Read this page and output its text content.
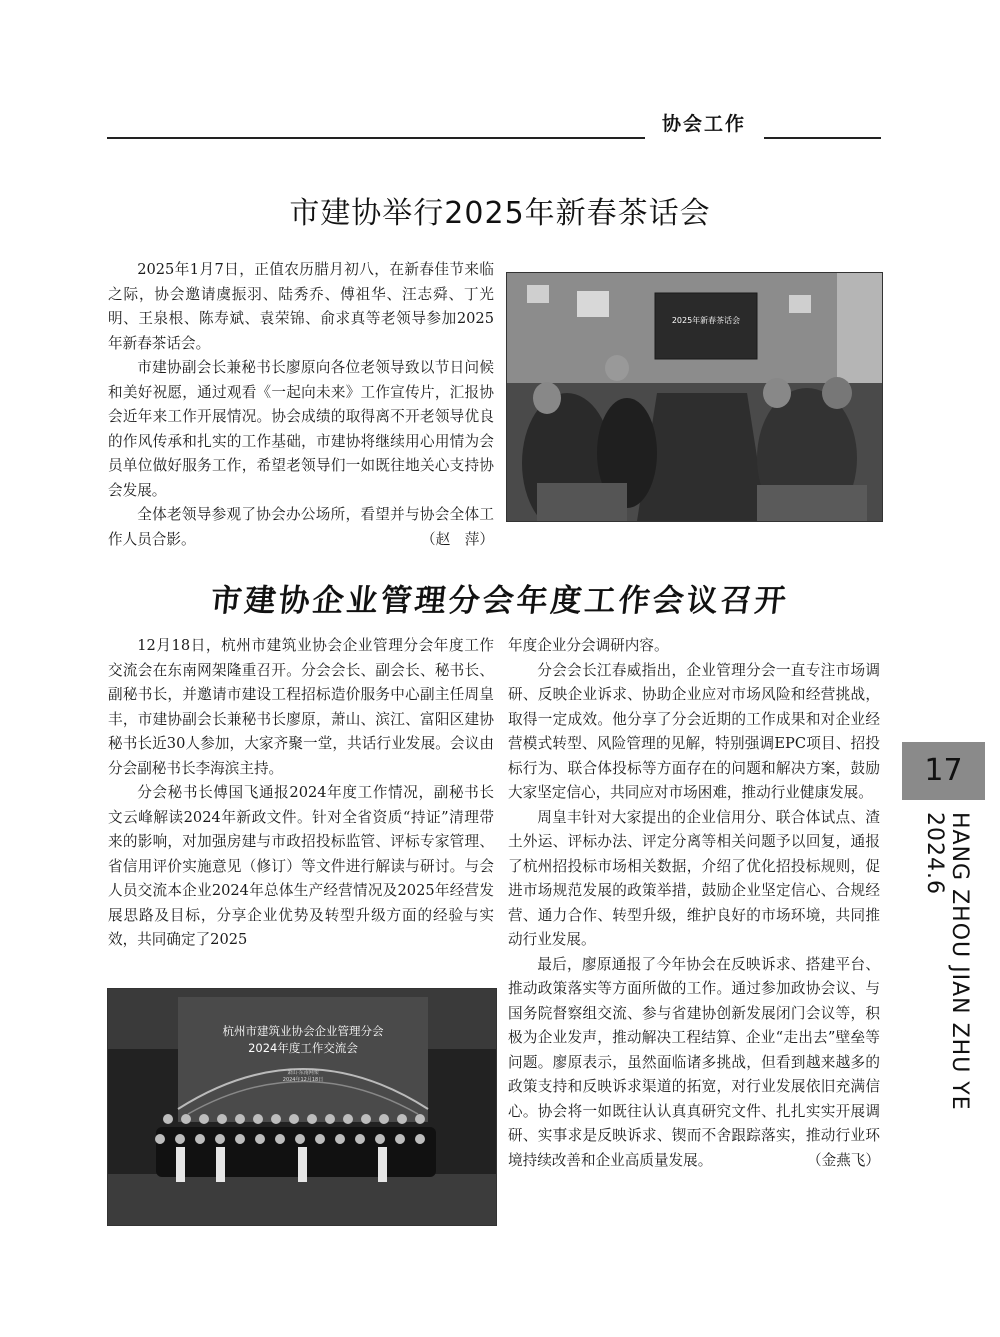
协会工作
市建协举行2025年新春茶话会

2025年1月7日，正值农历腊月初八，在新春佳节来临之际，协会邀请虞振羽、陆秀乔、傅祖华、汪志舜、丁光明、王泉根、陈寿斌、袁荣锦、俞求真等老领导参加2025年新春茶话会。

市建协副会长兼秘书长廖原向各位老领导致以节日问候和美好祝愿，通过观看《一起向未来》工作宣传片，汇报协会近年来工作开展情况。协会成绩的取得离不开老领导优良的作风传承和扎实的工作基础，市建协将继续用心用情为会员单位做好服务工作，希望老领导们一如既往地关心支持协会发展。

全体老领导参观了协会办公场所，看望并与协会全体工作人员合影。	（赵　萍）
2025年新春茶话会
市建协企业管理分会年度工作会议召开

12月18日，杭州市建筑业协会企业管理分会年度工作交流会在东南网架隆重召开。分会会长、副会长、秘书长、副秘书长，并邀请市建设工程招标造价服务中心副主任周皇丰，市建协副会长兼秘书长廖原，萧山、滨江、富阳区建协秘书长近30人参加，大家齐聚一堂，共话行业发展。会议由分会副秘书长李海滨主持。

分会秘书长傅国飞通报2024年度工作情况，副秘书长文云峰解读2024年新政文件。针对全省资质“持证”清理带来的影响，对加强房建与市政招投标监管、评标专家管理、省信用评价实施意见（修订）等文件进行解读与研讨。与会人员交流本企业2024年总体生产经营情况及2025年经营发展思路及目标，分享企业优势及转型升级方面的经验与实效，共同确定了2025

杭州市建筑业协会企业管理分会
2024年度工作交流会
萧山·东南网架
2024年12月18日

年度企业分会调研内容。

分会会长江春威指出，企业管理分会一直专注市场调研、反映企业诉求、协助企业应对市场风险和经营挑战，取得一定成效。他分享了分会近期的工作成果和对企业经营模式转型、风险管理的见解，特别强调EPC项目、招投标行为、联合体投标等方面存在的问题和解决方案，鼓励大家坚定信心，共同应对市场困难，推动行业健康发展。

周皇丰针对大家提出的企业信用分、联合体试点、渣土外运、评标办法、评定分离等相关问题予以回复，通报了杭州招投标市场相关数据，介绍了优化招投标规则，促进市场规范发展的政策举措，鼓励企业坚定信心、合规经营、通力合作、转型升级，维护良好的市场环境，共同推动行业发展。

最后，廖原通报了今年协会在反映诉求、搭建平台、推动政策落实等方面所做的工作。通过参加政协会议、与国务院督察组交流、参与省建协创新发展闭门会议等，积极为企业发声，推动解决工程结算、企业“走出去”壁垒等问题。廖原表示，虽然面临诸多挑战，但看到越来越多的政策支持和反映诉求渠道的拓宽，对行业发展依旧充满信心。协会将一如既往认认真真研究文件、扎扎实实开展调研、实事求是反映诉求、锲而不舍跟踪落实，推动行业环境持续改善和企业高质量发展。	（金燕飞）
17
HANG ZHOU JIAN ZHU YE 2024.6
